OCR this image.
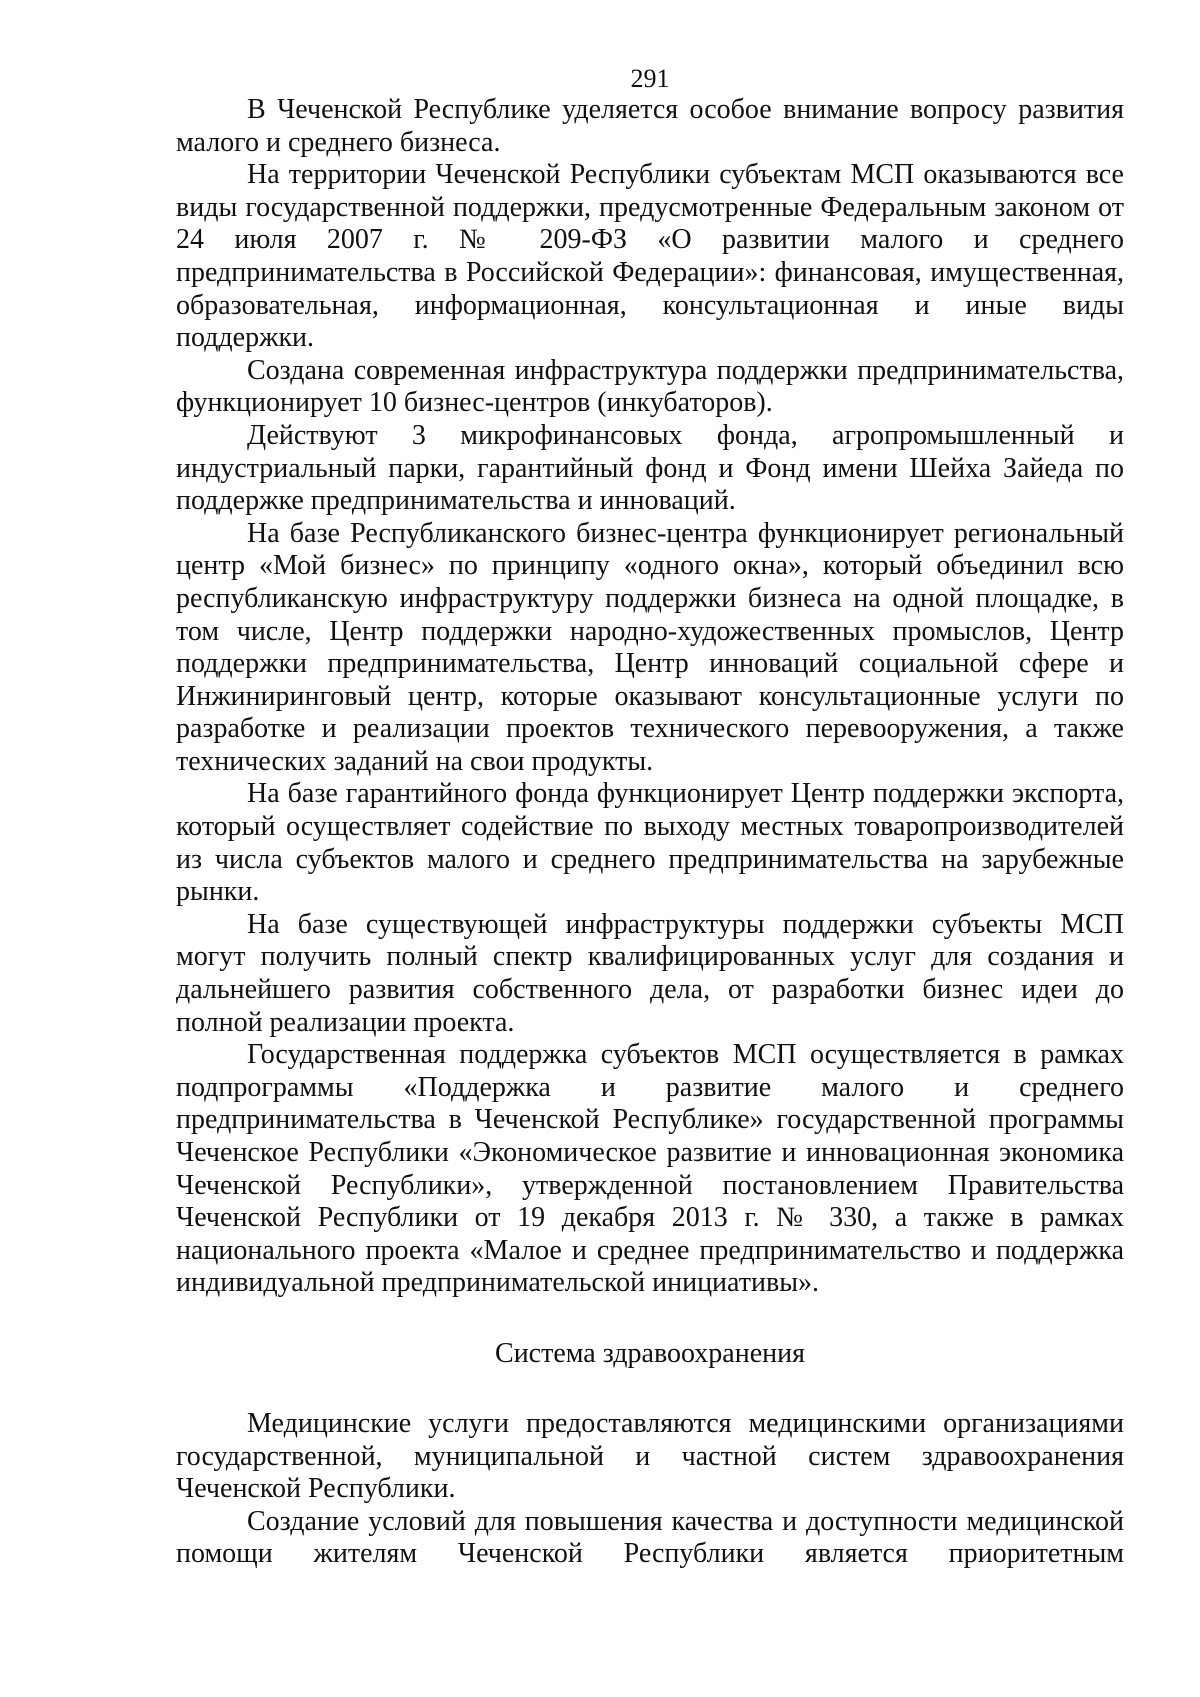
291

В Чеченской Республике уделяется особое внимание вопросу развития малого и среднего бизнеса.

На территории Чеченской Республики субъектам МСП оказываются все виды государственной поддержки, предусмотренные Федеральным законом от 24 июля 2007 г. № 209-ФЗ «О развитии малого и среднего предпринимательства в Российской Федерации»: финансовая, имущественная, образовательная, информационная, консультационная и иные виды поддержки.

Создана современная инфраструктура поддержки предпринимательства, функционирует 10 бизнес-центров (инкубаторов).

Действуют 3 микрофинансовых фонда, агропромышленный и индустриальный парки, гарантийный фонд и Фонд имени Шейха Зайеда по поддержке предпринимательства и инноваций.

На базе Республиканского бизнес-центра функционирует региональный центр «Мой бизнес» по принципу «одного окна», который объединил всю республиканскую инфраструктуру поддержки бизнеса на одной площадке, в том числе, Центр поддержки народно-художественных промыслов, Центр поддержки предпринимательства, Центр инноваций социальной сфере и Инжиниринговый центр, которые оказывают консультационные услуги по разработке и реализации проектов технического перевооружения, а также технических заданий на свои продукты.

На базе гарантийного фонда функционирует Центр поддержки экспорта, который осуществляет содействие по выходу местных товаропроизводителей из числа субъектов малого и среднего предпринимательства на зарубежные рынки.

На базе существующей инфраструктуры поддержки субъекты МСП могут получить полный спектр квалифицированных услуг для создания и дальнейшего развития собственного дела, от разработки бизнес идеи до полной реализации проекта.

Государственная поддержка субъектов МСП осуществляется в рамках подпрограммы «Поддержка и развитие малого и среднего предпринимательства в Чеченской Республике» государственной программы Чеченское Республики «Экономическое развитие и инновационная экономика Чеченской Республики», утвержденной постановлением Правительства Чеченской Республики от 19 декабря 2013 г. № 330, а также в рамках национального проекта «Малое и среднее предпринимательство и поддержка индивидуальной предпринимательской инициативы».

Система здравоохранения

Медицинские услуги предоставляются медицинскими организациями государственной, муниципальной и частной систем здравоохранения Чеченской Республики.

Создание условий для повышения качества и доступности медицинской помощи жителям Чеченской Республики является приоритетным
